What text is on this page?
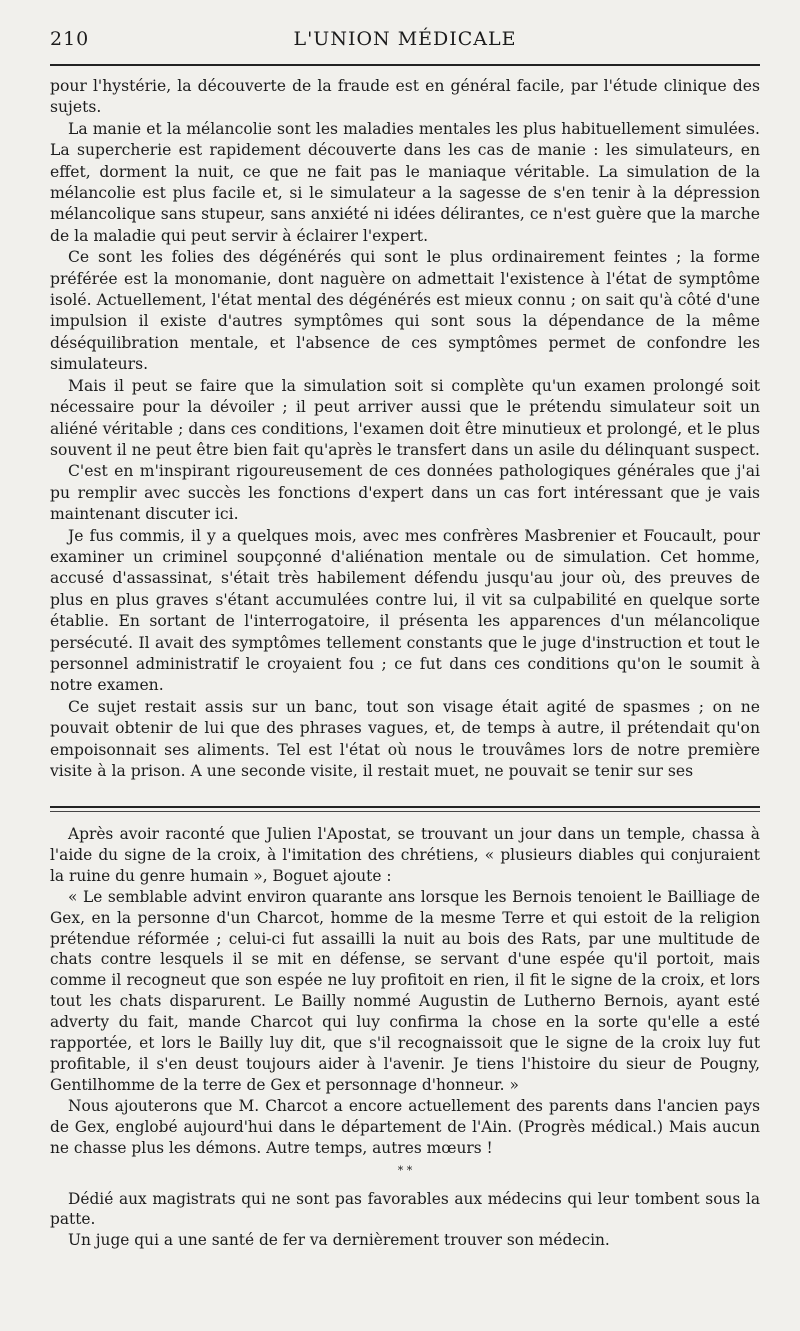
210	L'UNION MÉDICALE

pour l'hystérie, la découverte de la fraude est en général facile, par l'étude clinique des sujets.

La manie et la mélancolie sont les maladies mentales les plus habituellement simulées. La supercherie est rapidement découverte dans les cas de manie : les simulateurs, en effet, dorment la nuit, ce que ne fait pas le maniaque véritable. La simulation de la mélancolie est plus facile et, si le simulateur a la sagesse de s'en tenir à la dépression mélancolique sans stupeur, sans anxiété ni idées délirantes, ce n'est guère que la marche de la maladie qui peut servir à éclairer l'expert.

Ce sont les folies des dégénérés qui sont le plus ordinairement feintes ; la forme préférée est la monomanie, dont naguère on admettait l'existence à l'état de symptôme isolé. Actuellement, l'état mental des dégénérés est mieux connu ; on sait qu'à côté d'une impulsion il existe d'autres symptômes qui sont sous la dépendance de la même déséquilibration mentale, et l'absence de ces symptômes permet de confondre les simulateurs.

Mais il peut se faire que la simulation soit si complète qu'un examen prolongé soit nécessaire pour la dévoiler ; il peut arriver aussi que le prétendu simulateur soit un aliéné véritable ; dans ces conditions, l'examen doit être minutieux et prolongé, et le plus souvent il ne peut être bien fait qu'après le transfert dans un asile du délinquant suspect.

C'est en m'inspirant rigoureusement de ces données pathologiques générales que j'ai pu remplir avec succès les fonctions d'expert dans un cas fort intéressant que je vais maintenant discuter ici.

Je fus commis, il y a quelques mois, avec mes confrères Masbrenier et Foucault, pour examiner un criminel soupçonné d'aliénation mentale ou de simulation. Cet homme, accusé d'assassinat, s'était très habilement défendu jusqu'au jour où, des preuves de plus en plus graves s'étant accumulées contre lui, il vit sa culpabilité en quelque sorte établie. En sortant de l'interrogatoire, il présenta les apparences d'un mélancolique persécuté. Il avait des symptômes tellement constants que le juge d'instruction et tout le personnel administratif le croyaient fou ; ce fut dans ces conditions qu'on le soumit à notre examen.

Ce sujet restait assis sur un banc, tout son visage était agité de spasmes ; on ne pouvait obtenir de lui que des phrases vagues, et, de temps à autre, il prétendait qu'on empoisonnait ses aliments. Tel est l'état où nous le trouvâmes lors de notre première visite à la prison. A une seconde visite, il restait muet, ne pouvait se tenir sur ses

Après avoir raconté que Julien l'Apostat, se trouvant un jour dans un temple, chassa à l'aide du signe de la croix, à l'imitation des chrétiens, « plusieurs diables qui conjuraient la ruine du genre humain », Boguet ajoute :

« Le semblable advint environ quarante ans lorsque les Bernois tenoient le Bailliage de Gex, en la personne d'un Charcot, homme de la mesme Terre et qui estoit de la religion prétendue réformée ; celui-ci fut assailli la nuit au bois des Rats, par une multitude de chats contre lesquels il se mit en défense, se servant d'une espée qu'il portoit, mais comme il recogneut que son espée ne luy profitoit en rien, il fit le signe de la croix, et lors tout les chats disparurent. Le Bailly nommé Augustin de Lutherno Bernois, ayant esté adverty du fait, mande Charcot qui luy confirma la chose en la sorte qu'elle a esté rapportée, et lors le Bailly luy dit, que s'il recognaissoit que le signe de la croix luy fut profitable, il s'en deust toujours aider à l'avenir. Je tiens l'histoire du sieur de Pougny, Gentilhomme de la terre de Gex et personnage d'honneur. »

Nous ajouterons que M. Charcot a encore actuellement des parents dans l'ancien pays de Gex, englobé aujourd'hui dans le département de l'Ain. (Progrès médical.) Mais aucun ne chasse plus les démons. Autre temps, autres mœurs !

* *

Dédié aux magistrats qui ne sont pas favorables aux médecins qui leur tombent sous la patte.

Un juge qui a une santé de fer va dernièrement trouver son médecin.
